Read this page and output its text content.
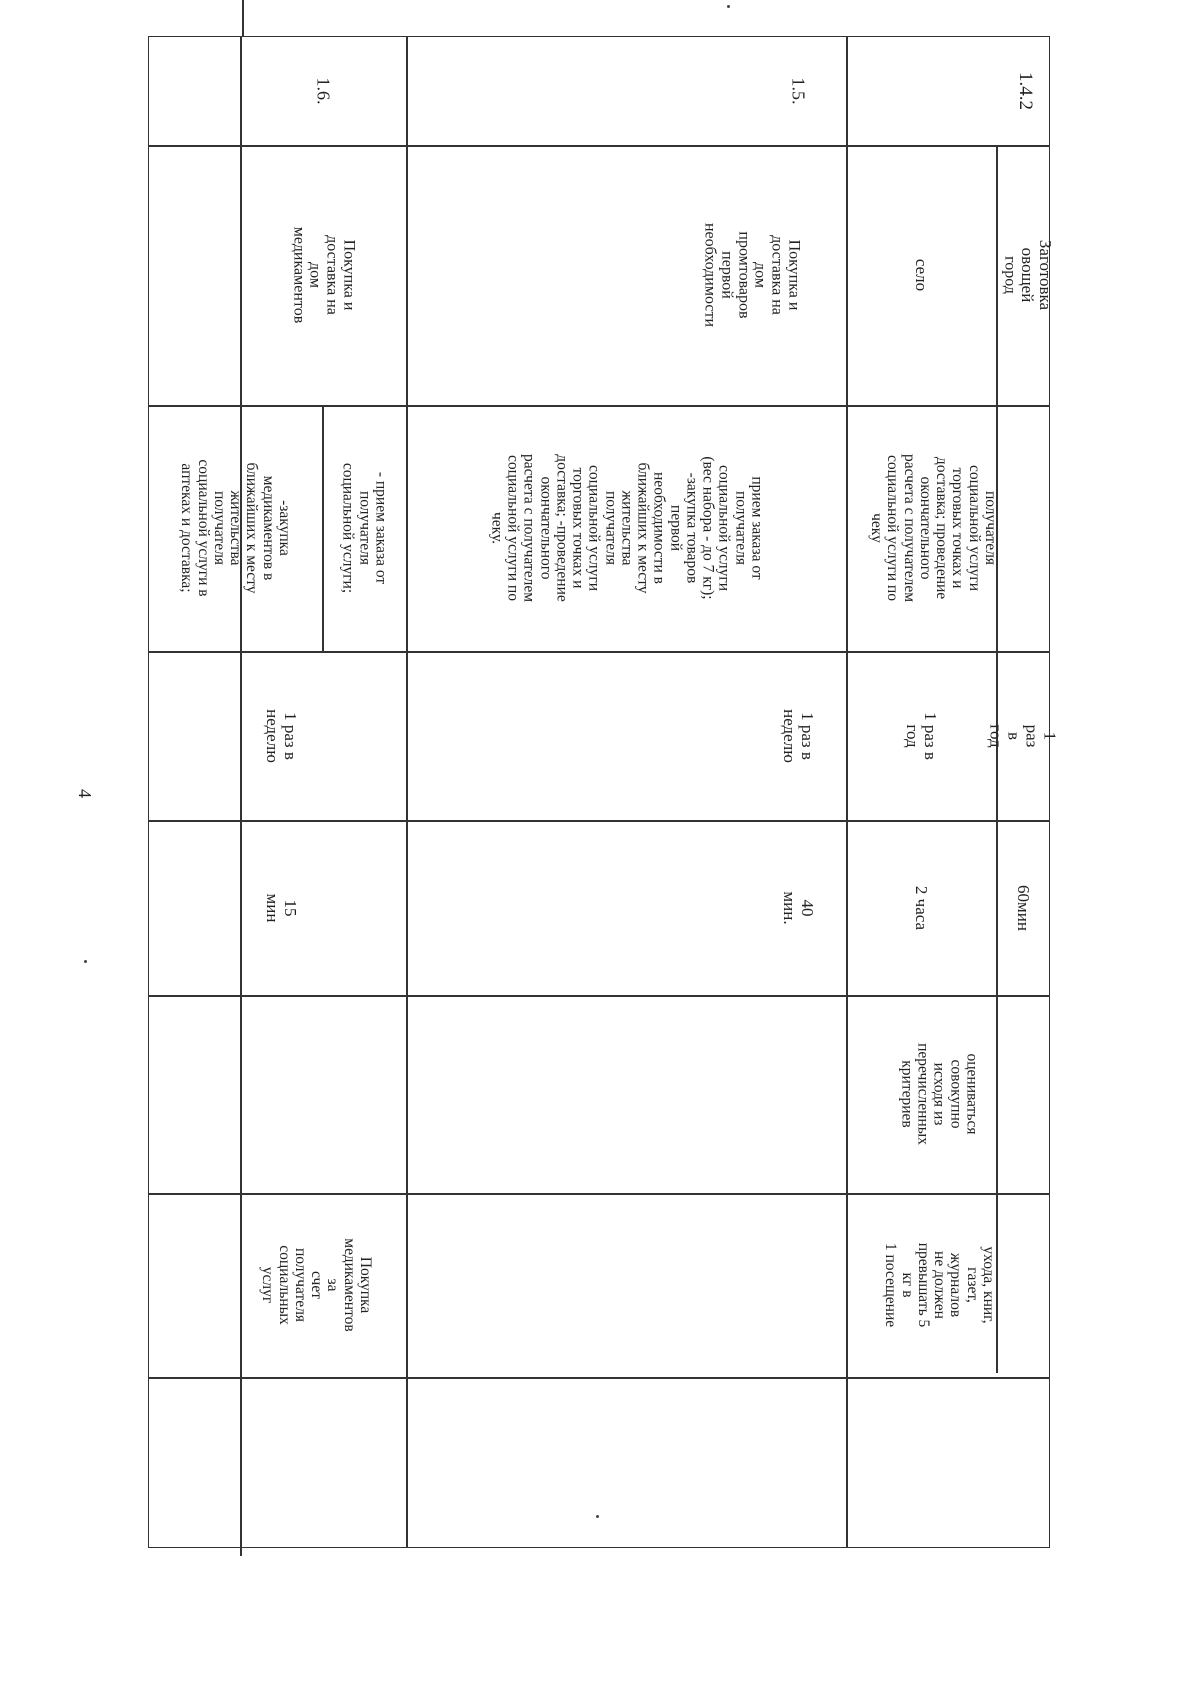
1.4.2
Заготовка овощей
город
село
получателя
социальной услуги
торговых точках и
доставка; проведение
окончательного
расчета с получателем
социальной услуги по
чеку
1 раз в год
1 раз в год
60мин
2 часа
оцениваться
совокупно
исходя из
перечисленных
критериев
ухода, книг,
газет, журналов
не должен
превышать 5 кг в
1 посещение
1.5.
Покупка и доставка на
дом промтоваров первой
необходимости
прием заказа от
получателя
социальной услуги
(вес набора - до 7 кг);
-закупка товаров
первой
необходимости в
ближайших к месту
жительства
получателя
социальной услуги
торговых точках и
доставка; -проведение
окончательного
расчета с получателем
социальной услуги по
чеку.
1 раз в неделю
40 мин.
1.6.
Покупка и доставка на
дом медикаментов
- прием заказа от
получателя
социальной услуги;
-закупка
медикаментов в
ближайших к месту
жительства
получателя
социальной услуги в
аптеках и доставка;
1 раз в неделю
15 мин
Покупка
медикаментов за
счет получателя
социальных
услуг
4
